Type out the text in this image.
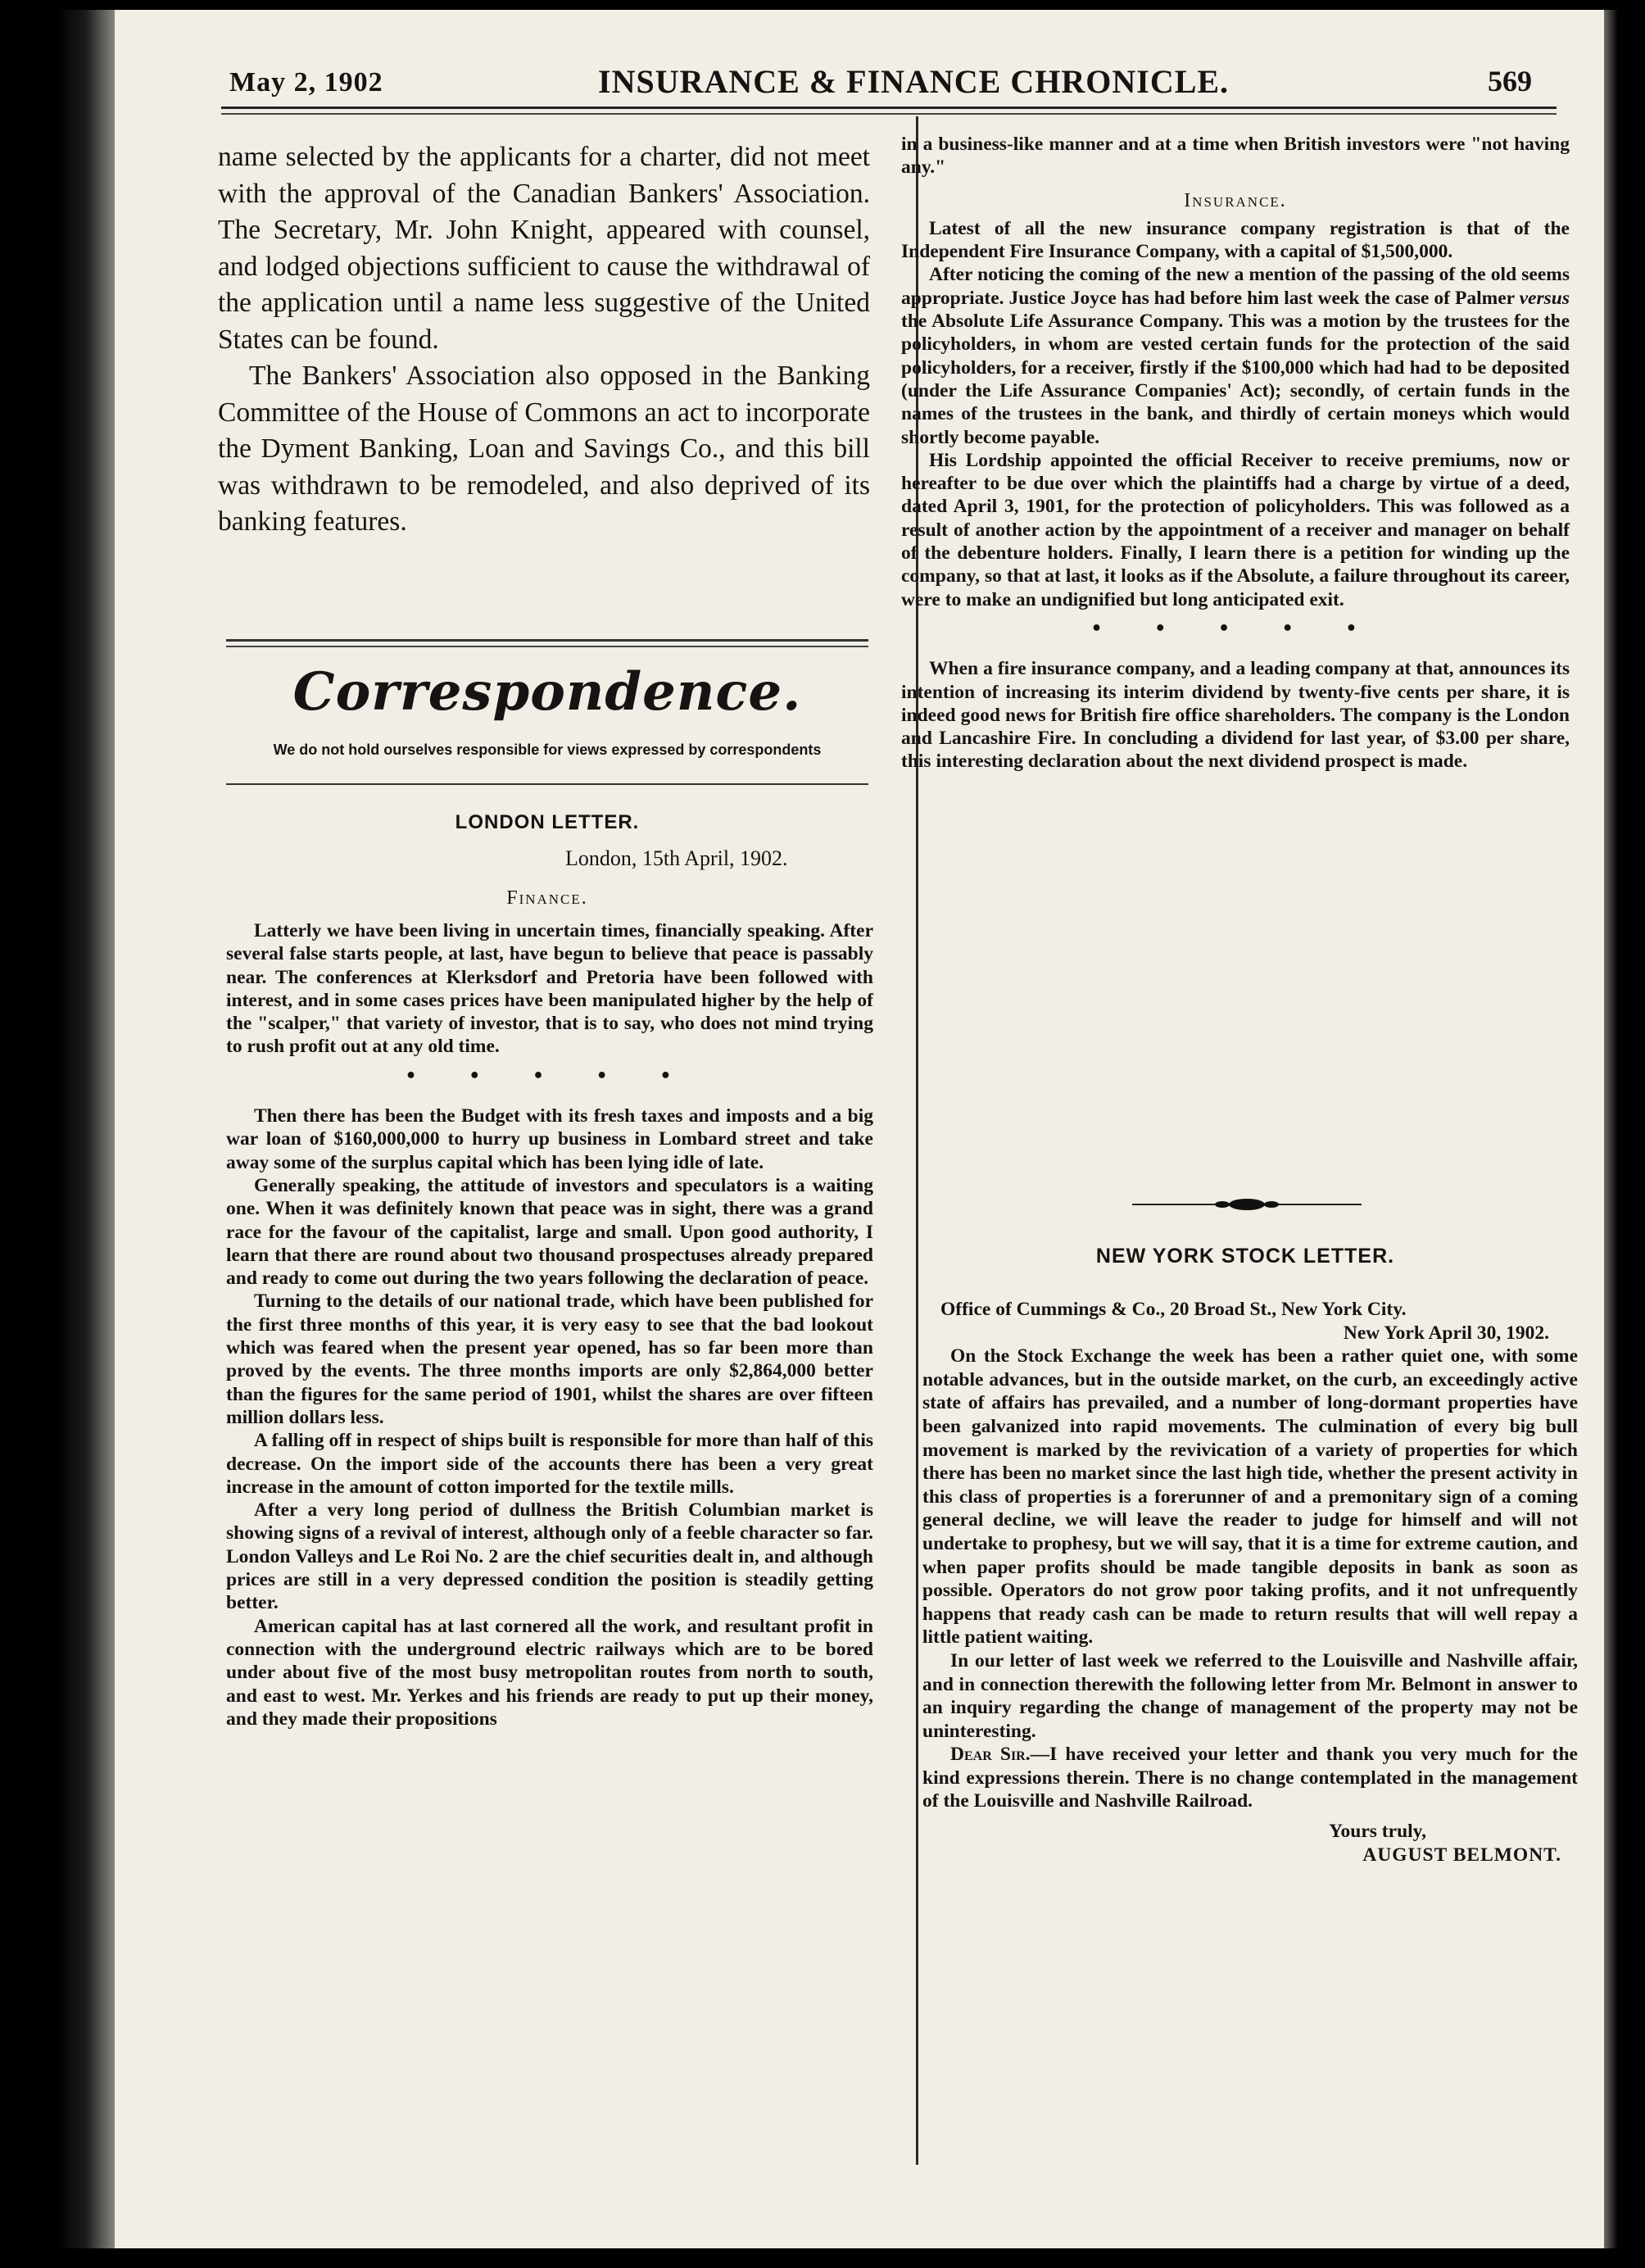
May 2, 1902	INSURANCE & FINANCE CHRONICLE.	569

name selected by the applicants for a charter, did not meet with the approval of the Canadian Bankers' Association. The Secretary, Mr. John Knight, appeared with counsel, and lodged objections sufficient to cause the withdrawal of the application until a name less suggestive of the United States can be found.

The Bankers' Association also opposed in the Banking Committee of the House of Commons an act to incorporate the Dyment Banking, Loan and Savings Co., and this bill was withdrawn to be remodeled, and also deprived of its banking features.

Correspondence.
We do not hold ourselves responsible for views expressed by correspondents
LONDON LETTER.
London, 15th April, 1902.
Finance.

Latterly we have been living in uncertain times, financially speaking. After several false starts people, at last, have begun to believe that peace is passably near. The conferences at Klerksdorf and Pretoria have been followed with interest, and in some cases prices have been manipulated higher by the help of the "scalper," that variety of investor, that is to say, who does not mind trying to rush profit out at any old time.

• • • • •

Then there has been the Budget with its fresh taxes and imposts and a big war loan of $160,000,000 to hurry up business in Lombard street and take away some of the surplus capital which has been lying idle of late.

Generally speaking, the attitude of investors and speculators is a waiting one. When it was definitely known that peace was in sight, there was a grand race for the favour of the capitalist, large and small. Upon good authority, I learn that there are round about two thousand prospectuses already prepared and ready to come out during the two years following the declaration of peace.

Turning to the details of our national trade, which have been published for the first three months of this year, it is very easy to see that the bad lookout which was feared when the present year opened, has so far been more than proved by the events. The three months imports are only $2,864,000 better than the figures for the same period of 1901, whilst the shares are over fifteen million dollars less.

A falling off in respect of ships built is responsible for more than half of this decrease. On the import side of the accounts there has been a very great increase in the amount of cotton imported for the textile mills.

After a very long period of dullness the British Columbian market is showing signs of a revival of interest, although only of a feeble character so far. London Valleys and Le Roi No. 2 are the chief securities dealt in, and although prices are still in a very depressed condition the position is steadily getting better.

American capital has at last cornered all the work, and resultant profit in connection with the underground electric railways which are to be bored under about five of the most busy metropolitan routes from north to south, and east to west. Mr. Yerkes and his friends are ready to put up their money, and they made their propositions

in a business-like manner and at a time when British investors were "not having any."

Insurance.

Latest of all the new insurance company registration is that of the Independent Fire Insurance Company, with a capital of $1,500,000.

After noticing the coming of the new a mention of the passing of the old seems appropriate. Justice Joyce has had before him last week the case of Palmer versus the Absolute Life Assurance Company. This was a motion by the trustees for the policyholders, in whom are vested certain funds for the protection of the said policyholders, for a receiver, firstly if the $100,000 which had had to be deposited (under the Life Assurance Companies' Act); secondly, of certain funds in the names of the trustees in the bank, and thirdly of certain moneys which would shortly become payable.

His Lordship appointed the official Receiver to receive premiums, now or hereafter to be due over which the plaintiffs had a charge by virtue of a deed, dated April 3, 1901, for the protection of policyholders. This was followed as a result of another action by the appointment of a receiver and manager on behalf of the debenture holders. Finally, I learn there is a petition for winding up the company, so that at last, it looks as if the Absolute, a failure throughout its career, were to make an undignified but long anticipated exit.

• • • • •

When a fire insurance company, and a leading company at that, announces its intention of increasing its interim dividend by twenty-five cents per share, it is indeed good news for British fire office shareholders. The company is the London and Lancashire Fire. In concluding a dividend for last year, of $3.00 per share, this interesting declaration about the next dividend prospect is made.

NEW YORK STOCK LETTER.

Office of Cummings & Co., 20 Broad St., New York City.

New York April 30, 1902.

On the Stock Exchange the week has been a rather quiet one, with some notable advances, but in the outside market, on the curb, an exceedingly active state of affairs has prevailed, and a number of long-dormant properties have been galvanized into rapid movements. The culmination of every big bull movement is marked by the revivication of a variety of properties for which there has been no market since the last high tide, whether the present activity in this class of properties is a forerunner of and a premonitary sign of a coming general decline, we will leave the reader to judge for himself and will not undertake to prophesy, but we will say, that it is a time for extreme caution, and when paper profits should be made tangible deposits in bank as soon as possible. Operators do not grow poor taking profits, and it not unfrequently happens that ready cash can be made to return results that will well repay a little patient waiting.

In our letter of last week we referred to the Louisville and Nashville affair, and in connection therewith the following letter from Mr. Belmont in answer to an inquiry regarding the change of management of the property may not be uninteresting.

Dear Sir.—I have received your letter and thank you very much for the kind expressions therein. There is no change contemplated in the management of the Louisville and Nashville Railroad.

Yours truly,

AUGUST BELMONT.
